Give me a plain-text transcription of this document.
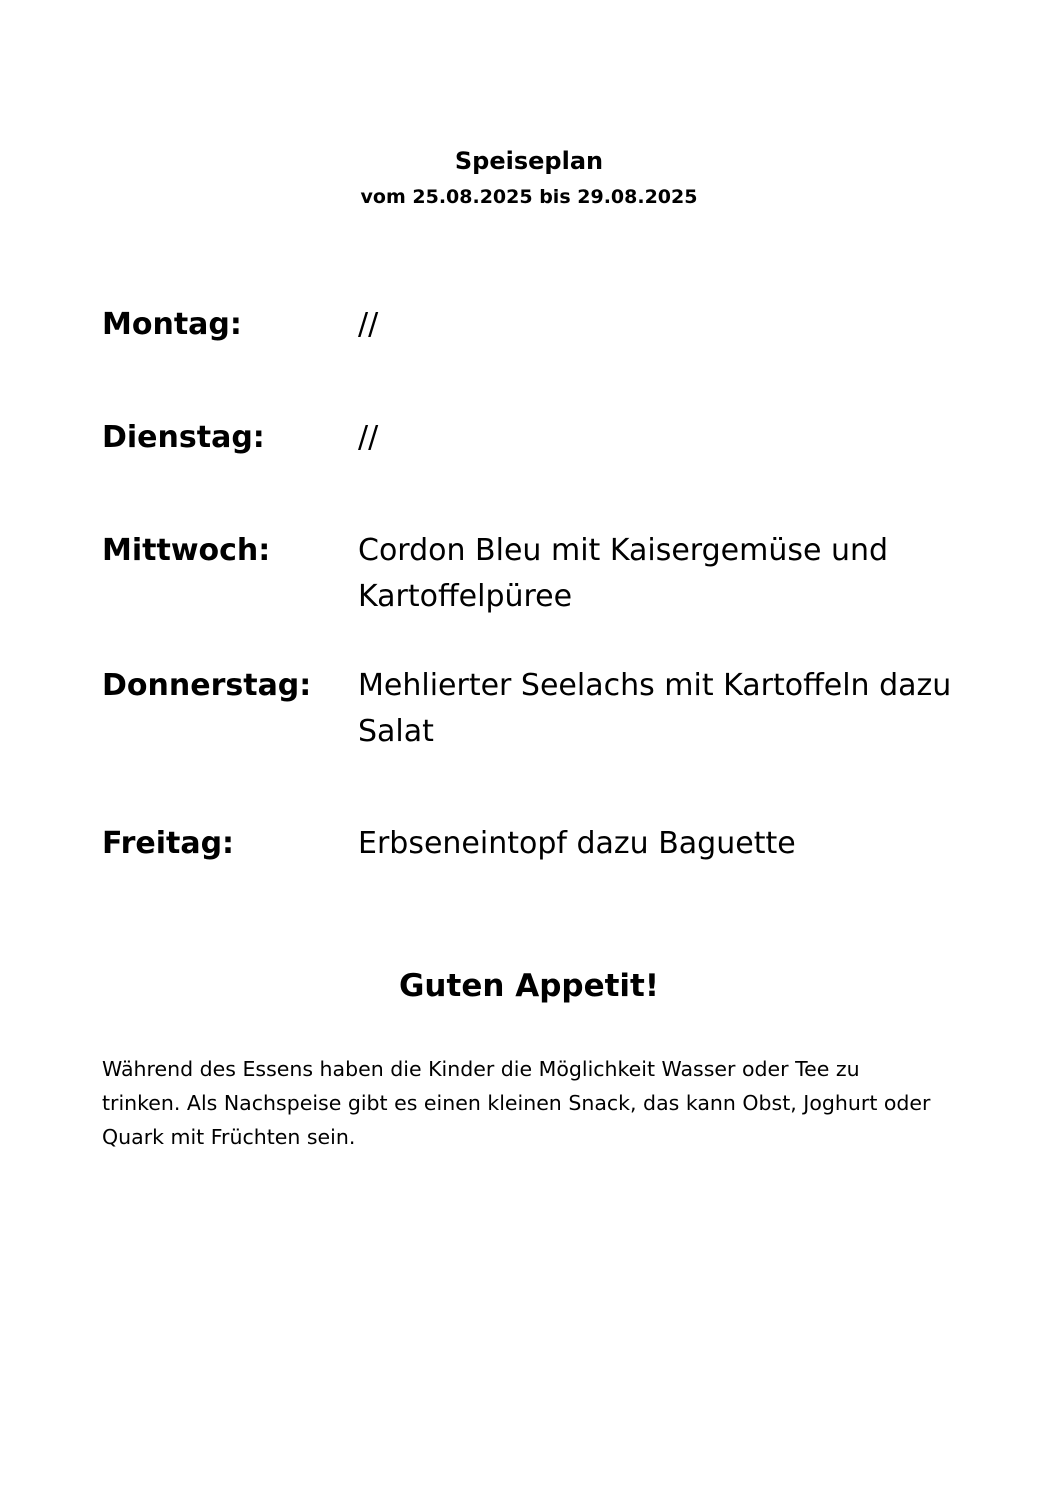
Speiseplan
vom 25.08.2025 bis 29.08.2025
Montag:	//
Dienstag:	//
Mittwoch:	Cordon Bleu mit Kaisergemüse und Kartoffelpüree
Donnerstag: Mehlierter Seelachs mit Kartoffeln dazu Salat
Freitag:	Erbseneintopf dazu Baguette
Guten Appetit!
Während des Essens haben die Kinder die Möglichkeit Wasser oder Tee zu trinken. Als Nachspeise gibt es einen kleinen Snack, das kann Obst, Joghurt oder Quark mit Früchten sein.
